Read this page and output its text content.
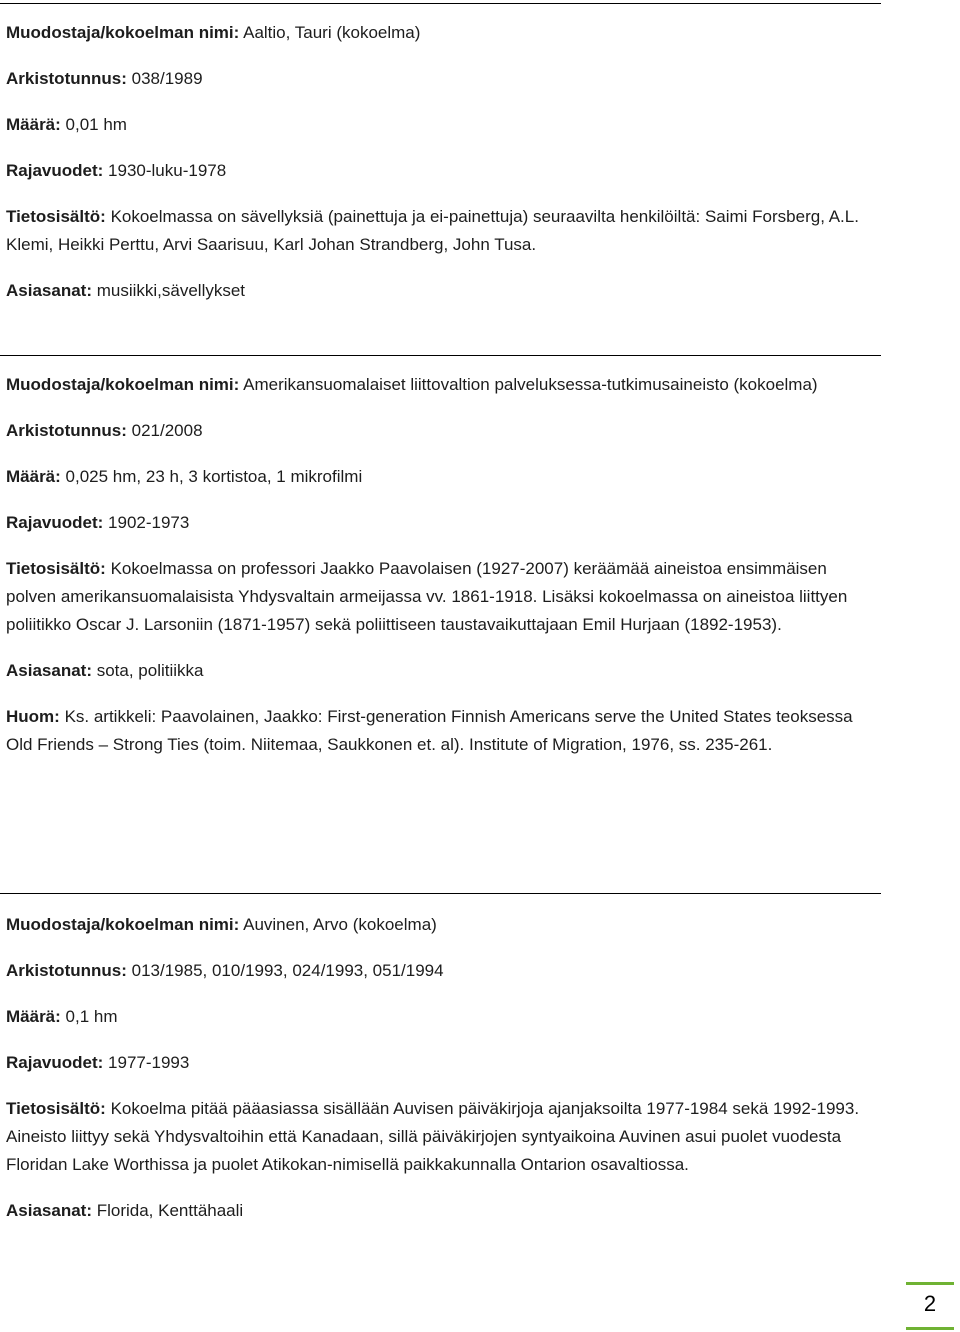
Muodostaja/kokoelman nimi: Aaltio, Tauri (kokoelma)

Arkistotunnus: 038/1989

Määrä: 0,01 hm

Rajavuodet: 1930-luku-1978

Tietosisältö: Kokoelmassa on sävellyksiä (painettuja ja ei-painettuja) seuraavilta henkilöiltä: Saimi Forsberg, A.L. Klemi, Heikki Perttu, Arvi Saarisuu, Karl Johan Strandberg, John Tusa.

Asiasanat: musiikki,sävellykset

Muodostaja/kokoelman nimi: Amerikansuomalaiset liittovaltion palveluksessa-tutkimusaineisto (kokoelma)

Arkistotunnus: 021/2008

Määrä: 0,025 hm, 23 h, 3 kortistoa, 1 mikrofilmi

Rajavuodet: 1902-1973

Tietosisältö: Kokoelmassa on professori Jaakko Paavolaisen (1927-2007) keräämää aineistoa ensimmäisen polven amerikansuomalaisista Yhdysvaltain armeijassa vv. 1861-1918. Lisäksi kokoelmassa on aineistoa liittyen poliitikko Oscar J. Larsoniin (1871-1957) sekä poliittiseen taustavaikuttajaan Emil Hurjaan (1892-1953).

Asiasanat: sota, politiikka

Huom: Ks. artikkeli: Paavolainen, Jaakko: First-generation Finnish Americans serve the United States teoksessa Old Friends – Strong Ties (toim. Niitemaa, Saukkonen et. al). Institute of Migration, 1976, ss. 235-261.

Muodostaja/kokoelman nimi: Auvinen, Arvo (kokoelma)

Arkistotunnus: 013/1985, 010/1993, 024/1993, 051/1994

Määrä: 0,1 hm

Rajavuodet: 1977-1993

Tietosisältö: Kokoelma pitää pääasiassa sisällään Auvisen päiväkirjoja ajanjaksoilta 1977-1984 sekä 1992-1993. Aineisto liittyy sekä Yhdysvaltoihin että Kanadaan, sillä päiväkirjojen syntyaikoina Auvinen asui puolet vuodesta Floridan Lake Worthissa ja puolet Atikokan-nimisellä paikkakunnalla Ontarion osavaltiossa.

Asiasanat: Florida, Kenttähaali

2
